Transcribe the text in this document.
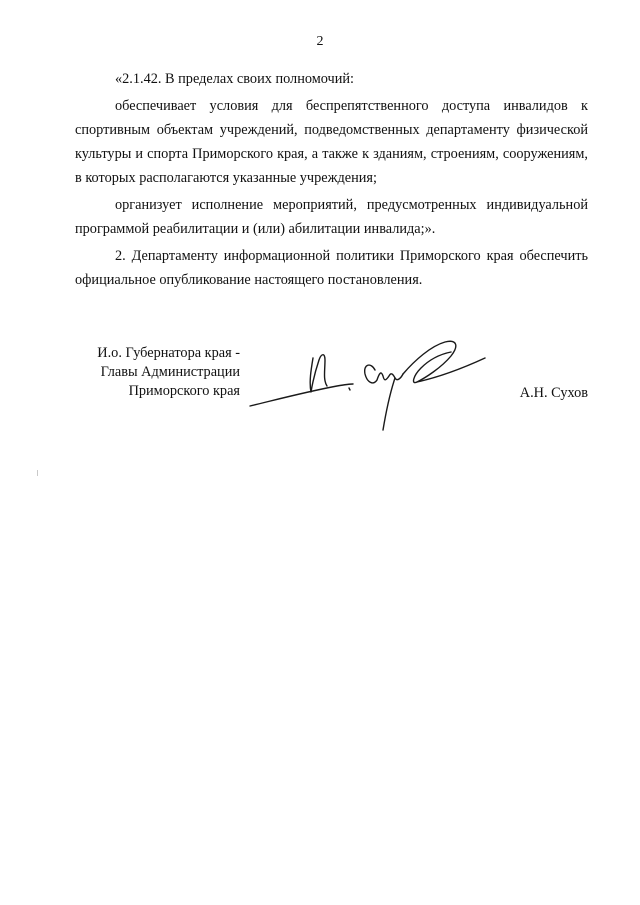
2

«2.1.42. В пределах своих полномочий:

обеспечивает условия для беспрепятственного доступа инвалидов к спортивным объектам учреждений, подведомственных департаменту физической культуры и спорта Приморского края, а также к зданиям, строениям, сооружениям, в которых располагаются указанные учреждения;

организует исполнение мероприятий, предусмотренных индивидуальной программой реабилитации и (или) абилитации инвалида;».

2. Департаменту информационной политики Приморского края обеспечить официальное опубликование настоящего постановления.

И.о. Губернатора края -
Главы Администрации
Приморского края	А.Н. Сухов
